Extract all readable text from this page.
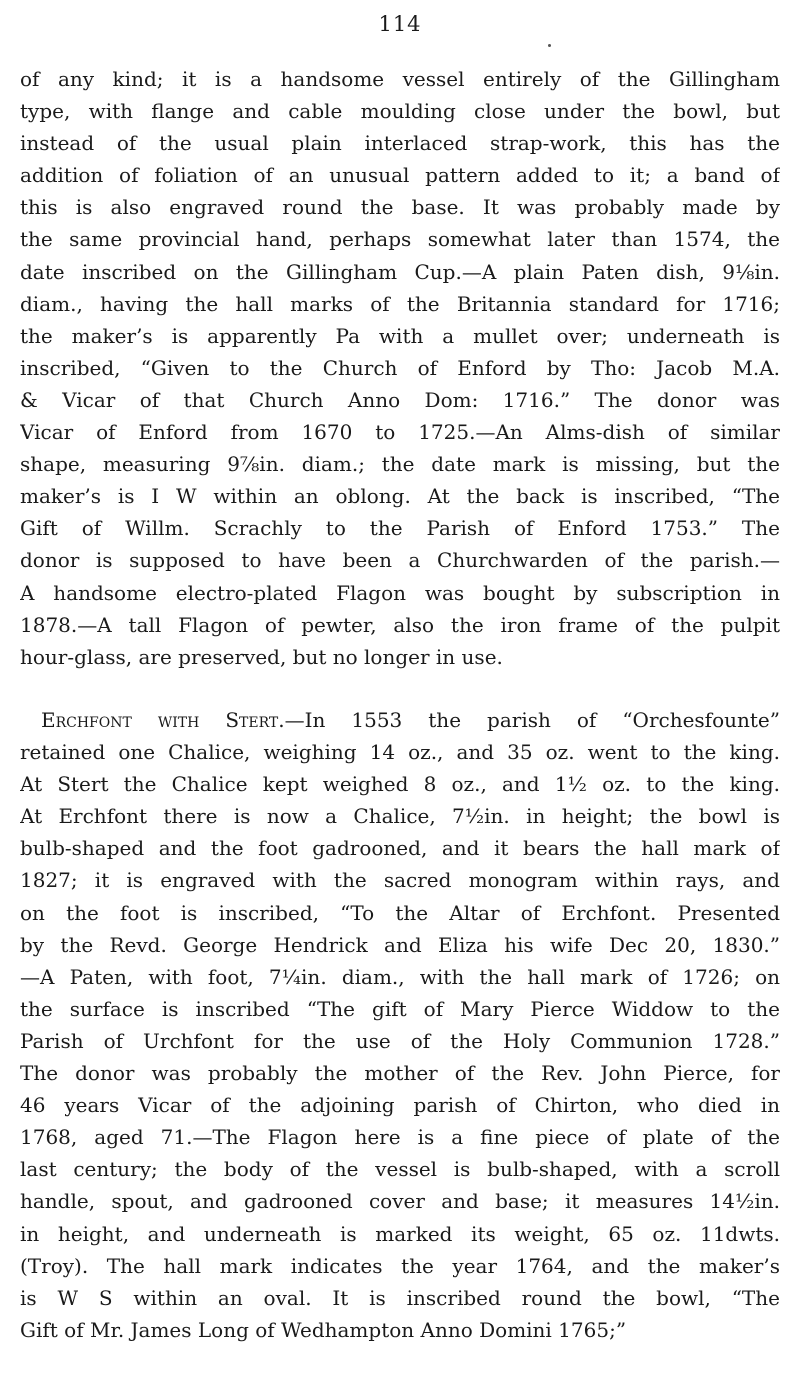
114
of any kind; it is a handsome vessel entirely of the Gillingham
type, with flange and cable moulding close under the bowl, but
instead of the usual plain interlaced strap-work, this has the
addition of foliation of an unusual pattern added to it; a band of
this is also engraved round the base. It was probably made by
the same provincial hand, perhaps somewhat later than 1574, the
date inscribed on the Gillingham Cup.—A plain Paten dish, 9⅛in.
diam., having the hall marks of the Britannia standard for 1716;
the maker’s is apparently Pa with a mullet over; underneath is
inscribed, “Given to the Church of Enford by Tho: Jacob M.A.
& Vicar of that Church Anno Dom: 1716.” The donor was
Vicar of Enford from 1670 to 1725.—An Alms-dish of similar
shape, measuring 9⅞in. diam.; the date mark is missing, but the
maker’s is I W within an oblong. At the back is inscribed, “The
Gift of Willm. Scrachly to the Parish of Enford 1753.” The
donor is supposed to have been a Churchwarden of the parish.—
A handsome electro-plated Flagon was bought by subscription in
1878.—A tall Flagon of pewter, also the iron frame of the pulpit
hour-glass, are preserved, but no longer in use.
Erchfont with Stert.—In 1553 the parish of “Orchesfounte”
retained one Chalice, weighing 14 oz., and 35 oz. went to the king.
At Stert the Chalice kept weighed 8 oz., and 1½ oz. to the king.
At Erchfont there is now a Chalice, 7½in. in height; the bowl is
bulb-shaped and the foot gadrooned, and it bears the hall mark of
1827; it is engraved with the sacred monogram within rays, and
on the foot is inscribed, “To the Altar of Erchfont. Presented
by the Revd. George Hendrick and Eliza his wife Dec 20, 1830.”
—A Paten, with foot, 7¼in. diam., with the hall mark of 1726; on
the surface is inscribed “The gift of Mary Pierce Widdow to the
Parish of Urchfont for the use of the Holy Communion 1728.”
The donor was probably the mother of the Rev. John Pierce, for
46 years Vicar of the adjoining parish of Chirton, who died in
1768, aged 71.—The Flagon here is a fine piece of plate of the
last century; the body of the vessel is bulb-shaped, with a scroll
handle, spout, and gadrooned cover and base; it measures 14½in.
in height, and underneath is marked its weight, 65 oz. 11dwts.
(Troy). The hall mark indicates the year 1764, and the maker’s
is W S within an oval. It is inscribed round the bowl, “The
Gift of Mr. James Long of Wedhampton Anno Domini 1765;”
